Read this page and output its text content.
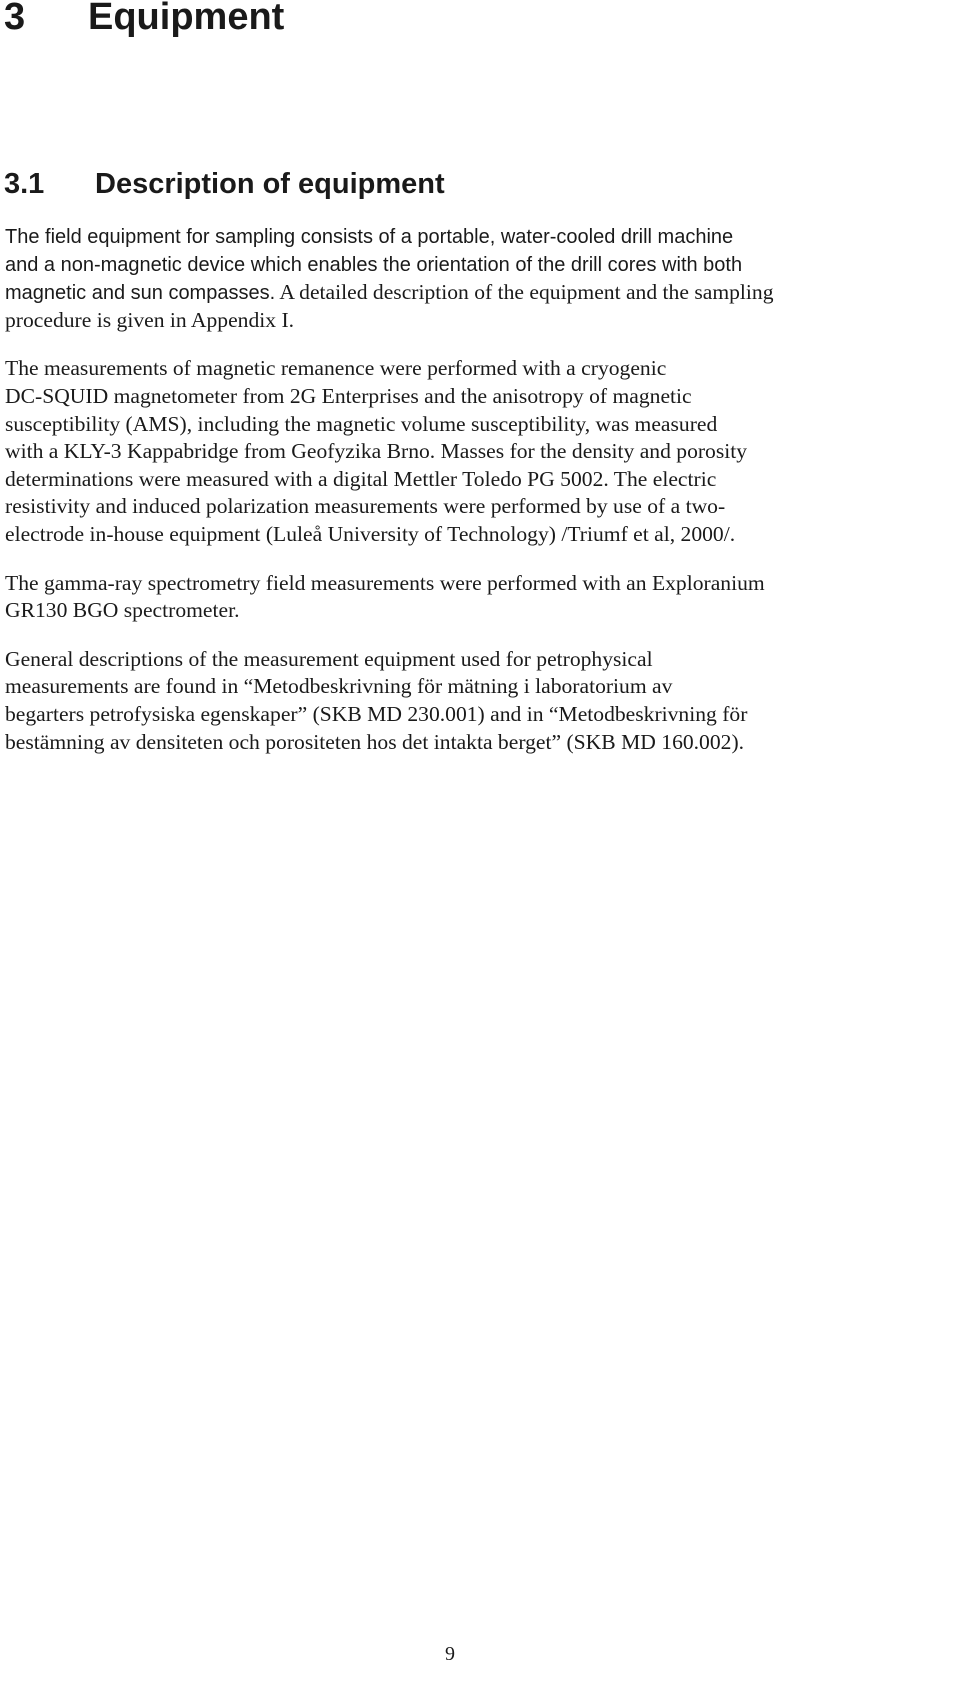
3 Equipment
3.1 Description of equipment

The field equipment for sampling consists of a portable, water-cooled drill machine
and a non-magnetic device which enables the orientation of the drill cores with both
magnetic and sun compasses. A detailed description of the equipment and the sampling
procedure is given in Appendix I.

The measurements of magnetic remanence were performed with a cryogenic
DC-SQUID magnetometer from 2G Enterprises and the anisotropy of magnetic
susceptibility (AMS), including the magnetic volume susceptibility, was measured
with a KLY-3 Kappabridge from Geofyzika Brno. Masses for the density and porosity
determinations were measured with a digital Mettler Toledo PG 5002. The electric
resistivity and induced polarization measurements were performed by use of a two-
electrode in-house equipment (Luleå University of Technology) /Triumf et al, 2000/.

The gamma-ray spectrometry field measurements were performed with an Exploranium
GR130 BGO spectrometer.

General descriptions of the measurement equipment used for petrophysical
measurements are found in “Metodbeskrivning för mätning i laboratorium av
begarters petrofysiska egenskaper” (SKB MD 230.001) and in “Metodbeskrivning för
bestämning av densiteten och porositeten hos det intakta berget” (SKB MD 160.002).

9
